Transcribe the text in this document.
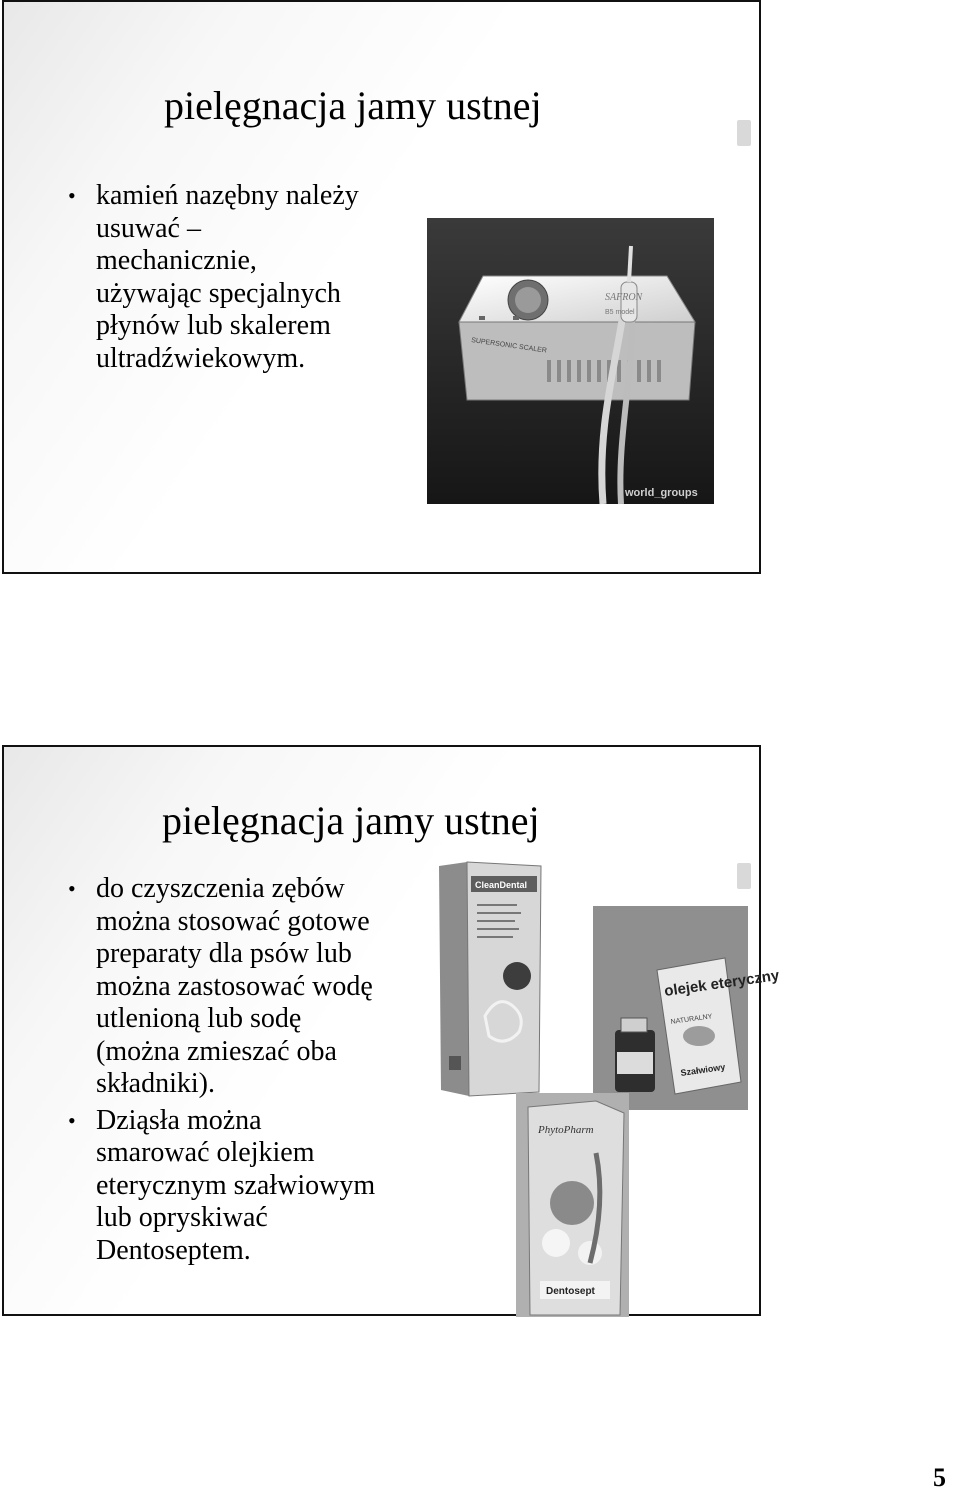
pielęgnacja jamy ustnej
• kamień nazębny należy
usuwać –
mechanicznie,
używając specjalnych
płynów lub skalerem
ultradźwiekowym.
SAFRON
B5 model
SUPERSONIC SCALER
world_groups
pielęgnacja jamy ustnej
• do czyszczenia zębów
można stosować gotowe
preparaty dla psów lub
można zastosować wodę
utlenioną lub sodę
(można zmieszać oba
składniki).
• Dziąsła można
smarować olejkiem
eterycznym szałwiowym
lub opryskiwać
Dentoseptem.
CleanDental
olejek eteryczny
NATURALNY
Szałwiowy
PhytoPharm
Dentosept
5
